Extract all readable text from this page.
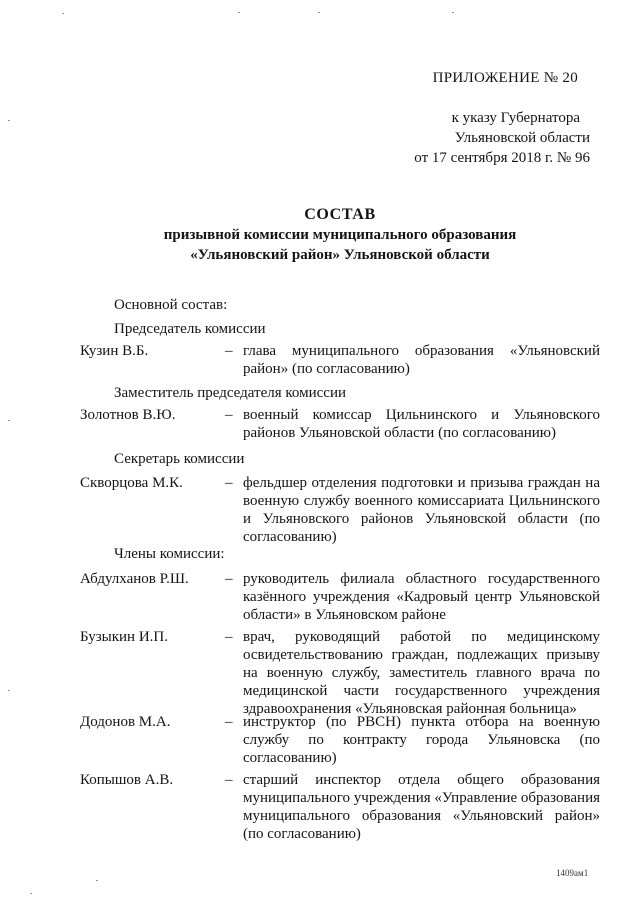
ПРИЛОЖЕНИЕ № 20
к указу Губернатора
Ульяновской области
от 17 сентября 2018 г. № 96
СОСТАВ
призывной комиссии муниципального образования
«Ульяновский район» Ульяновской области
Основной состав:
Председатель комиссии
Кузин В.Б.	– глава муниципального образования «Ульяновский район» (по согласованию)
Заместитель председателя комиссии
Золотнов В.Ю.	– военный комиссар Цильнинского и Ульяновского районов Ульяновской области (по согласованию)
Секретарь комиссии
Скворцова М.К.	– фельдшер отделения подготовки и призыва граждан на военную службу военного комиссариата Цильнинского и Ульяновского районов Ульяновской области (по согласованию)
Члены комиссии:
Абдулханов Р.Ш. – руководитель филиала областного государственного казённого учреждения «Кадровый центр Ульяновской области» в Ульяновском районе
Бузыкин И.П.	– врач, руководящий работой по медицинскому освидетельствованию граждан, подлежащих призыву на военную службу, заместитель главного врача по медицинской части государственного учреждения здравоохранения «Ульяновская районная больница»
Додонов М.А.	– инструктор (по РВСН) пункта отбора на военную службу по контракту города Ульяновска (по согласованию)
Копышов А.В.	– старший инспектор отдела общего образования муниципального учреждения «Управление образования муниципального образования «Ульяновский район» (по согласованию)
1409ам1
